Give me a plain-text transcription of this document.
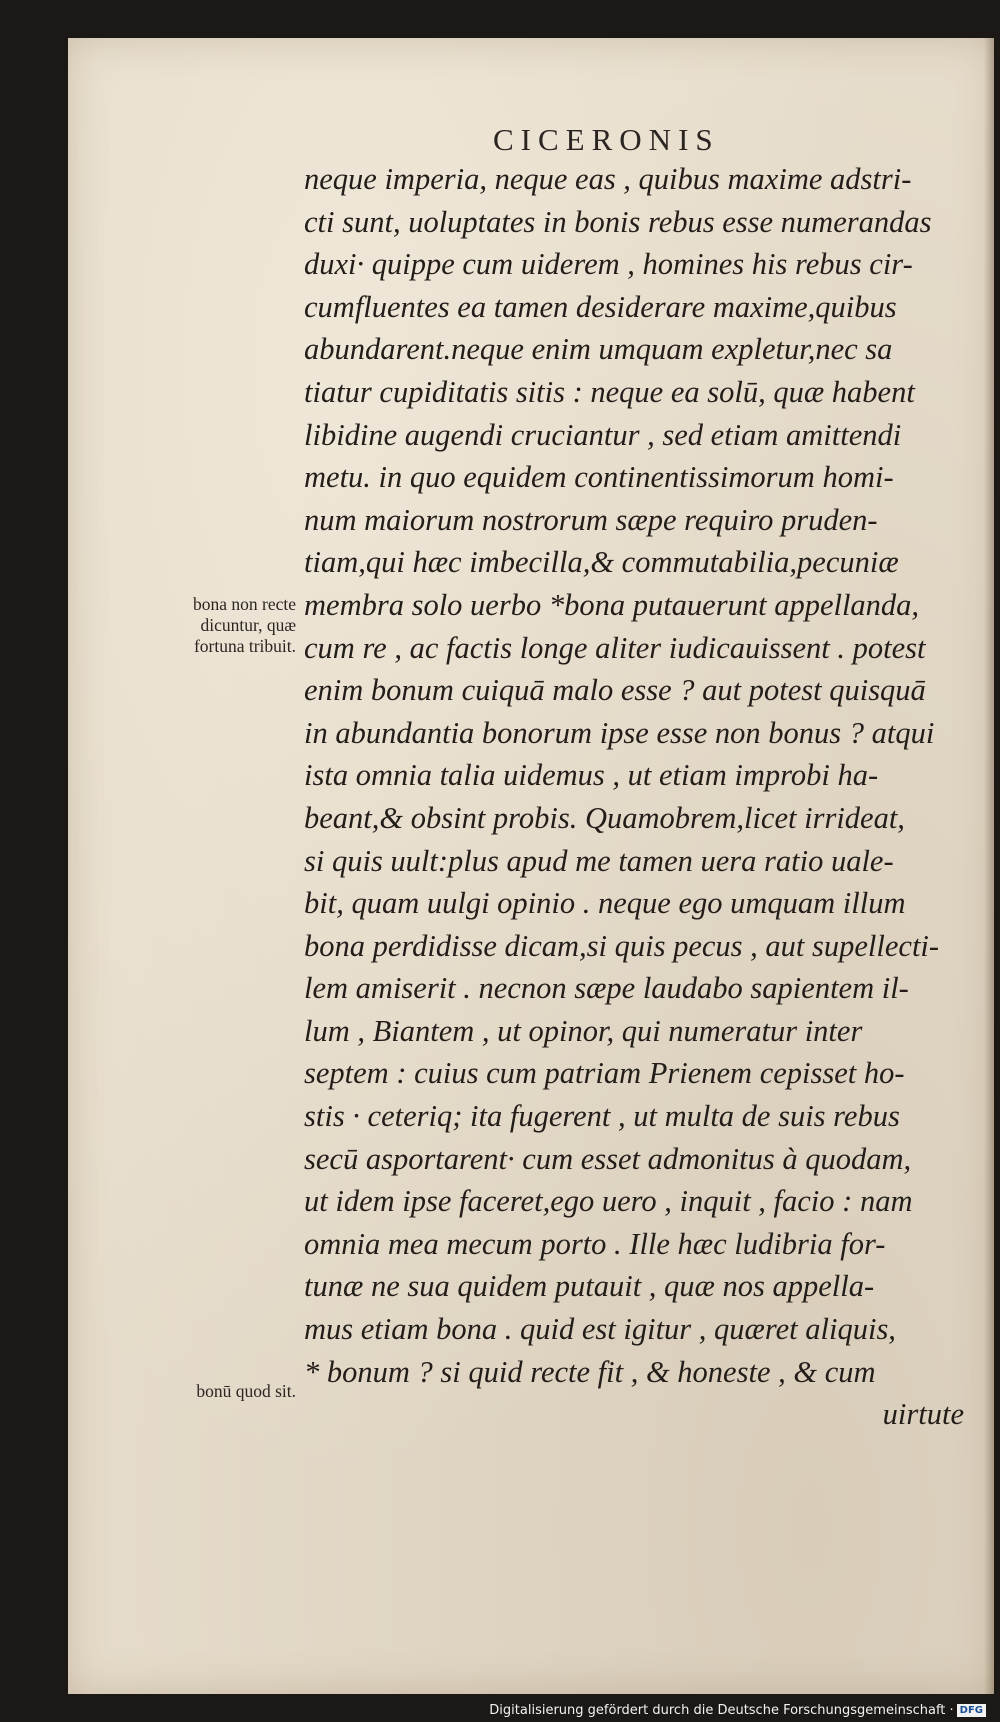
CICERONIS
neque imperia, neque eas , quibus maxime adstri-
cti sunt, uoluptates in bonis rebus esse numerandas
duxi· quippe cum uiderem , homines his rebus cir-
cumfluentes ea tamen desiderare maxime,quibus
abundarent.neque enim umquam expletur,nec sa
tiatur cupiditatis sitis : neque ea solū, quæ habent
libidine augendi cruciantur , sed etiam amittendi
metu. in quo equidem continentissimorum homi-
num maiorum nostrorum sæpe requiro pruden-
tiam,qui hæc imbecilla,& commutabilia,pecuniæ
membra solo uerbo *bona putauerunt appellanda,
cum re , ac factis longe aliter iudicauissent . potest
enim bonum cuiquā malo esse ? aut potest quisquā
in abundantia bonorum ipse esse non bonus ? atqui
ista omnia talia uidemus , ut etiam improbi ha-
beant,& obsint probis. Quamobrem,licet irrideat,
si quis uult:plus apud me tamen uera ratio uale-
bit, quam uulgi opinio . neque ego umquam illum
bona perdidisse dicam,si quis pecus , aut supellecti-
lem amiserit . necnon sæpe laudabo sapientem il-
lum , Biantem , ut opinor, qui numeratur inter
septem : cuius cum patriam Prienem cepisset ho-
stis · ceteriq; ita fugerent , ut multa de suis rebus
secū asportarent· cum esset admonitus à quodam,
ut idem ipse faceret,ego uero , inquit , facio : nam
omnia mea mecum porto . Ille hæc ludibria for-
tunæ ne sua quidem putauit , quæ nos appella-
mus etiam bona . quid est igitur , quæret aliquis,
* bonum ? si quid recte fit , & honeste , & cum
uirtute
bona non recte
dicuntur, quæ
fortuna tribuit.
bonū quod sit.
Digitalisierung gefördert durch die Deutsche Forschungsgemeinschaft · DFG
